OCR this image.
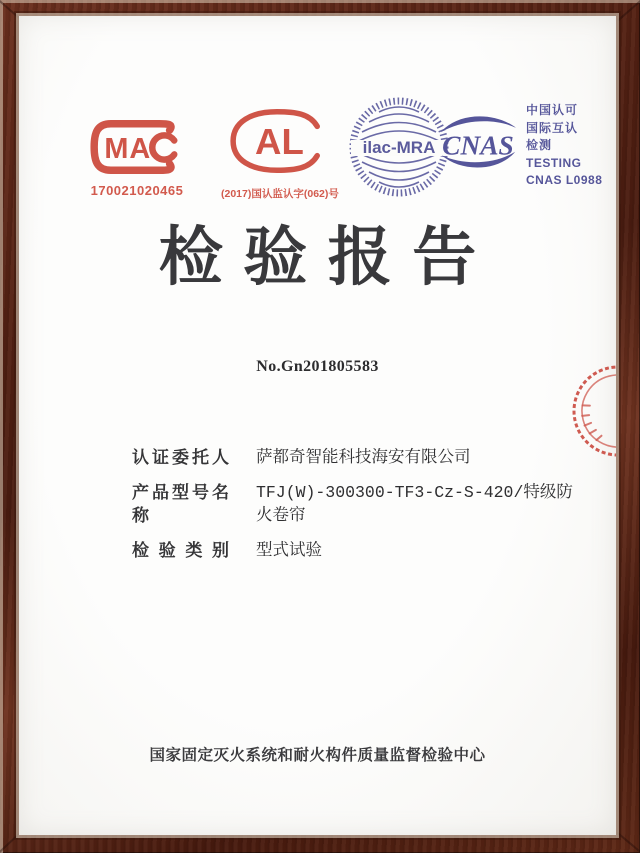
MA
170021020465
AL
(2017)国认监认字(062)号
ilac-MRA CNAS
中国认可
国际互认
检测
TESTING
CNAS L0988
检验报告
No.Gn201805583
认证委托人 萨都奇智能科技海安有限公司
产品型号名称
TFJ(W)-300300-TF3-Cz-S-420/特级防火卷帘
检验类别 型式试验
国家固定灭火系统和耐火构件质量监督检验中心
